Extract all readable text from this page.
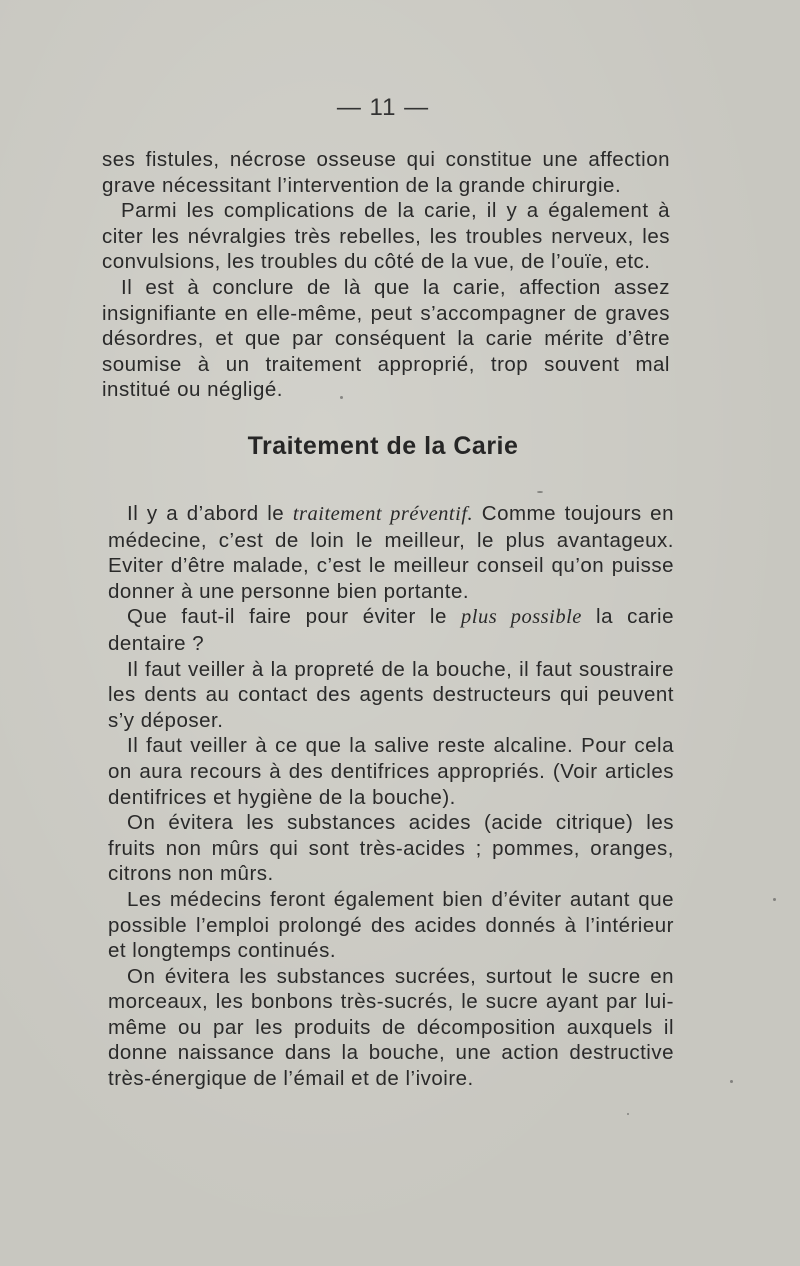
— 11 —

ses fistules, nécrose osseuse qui constitue une affection grave nécessitant l’intervention de la grande chirurgie.

Parmi les complications de la carie, il y a également à citer les névralgies très rebelles, les troubles nerveux, les convulsions, les troubles du côté de la vue, de l’ouïe, etc.

Il est à conclure de là que la carie, affection assez insignifiante en elle-même, peut s’accompagner de graves désordres, et que par conséquent la carie mérite d’être soumise à un traitement approprié, trop souvent mal institué ou négligé.

Traitement de la Carie

Il y a d’abord le traitement préventif. Comme toujours en médecine, c’est de loin le meilleur, le plus avantageux. Eviter d’être malade, c’est le meilleur conseil qu’on puisse donner à une personne bien portante.

Que faut-il faire pour éviter le plus possible la carie dentaire ?

Il faut veiller à la propreté de la bouche, il faut soustraire les dents au contact des agents destructeurs qui peuvent s’y déposer.

Il faut veiller à ce que la salive reste alcaline. Pour cela on aura recours à des dentifrices appropriés. (Voir articles dentifrices et hygiène de la bouche).

On évitera les substances acides (acide citrique) les fruits non mûrs qui sont très-acides ; pommes, oranges, citrons non mûrs.

Les médecins feront également bien d’éviter autant que possible l’emploi prolongé des acides donnés à l’intérieur et longtemps continués.

On évitera les substances sucrées, surtout le sucre en morceaux, les bonbons très-sucrés, le sucre ayant par lui-même ou par les produits de décomposition auxquels il donne naissance dans la bouche, une action destructive très-énergique de l’émail et de l’ivoire.
